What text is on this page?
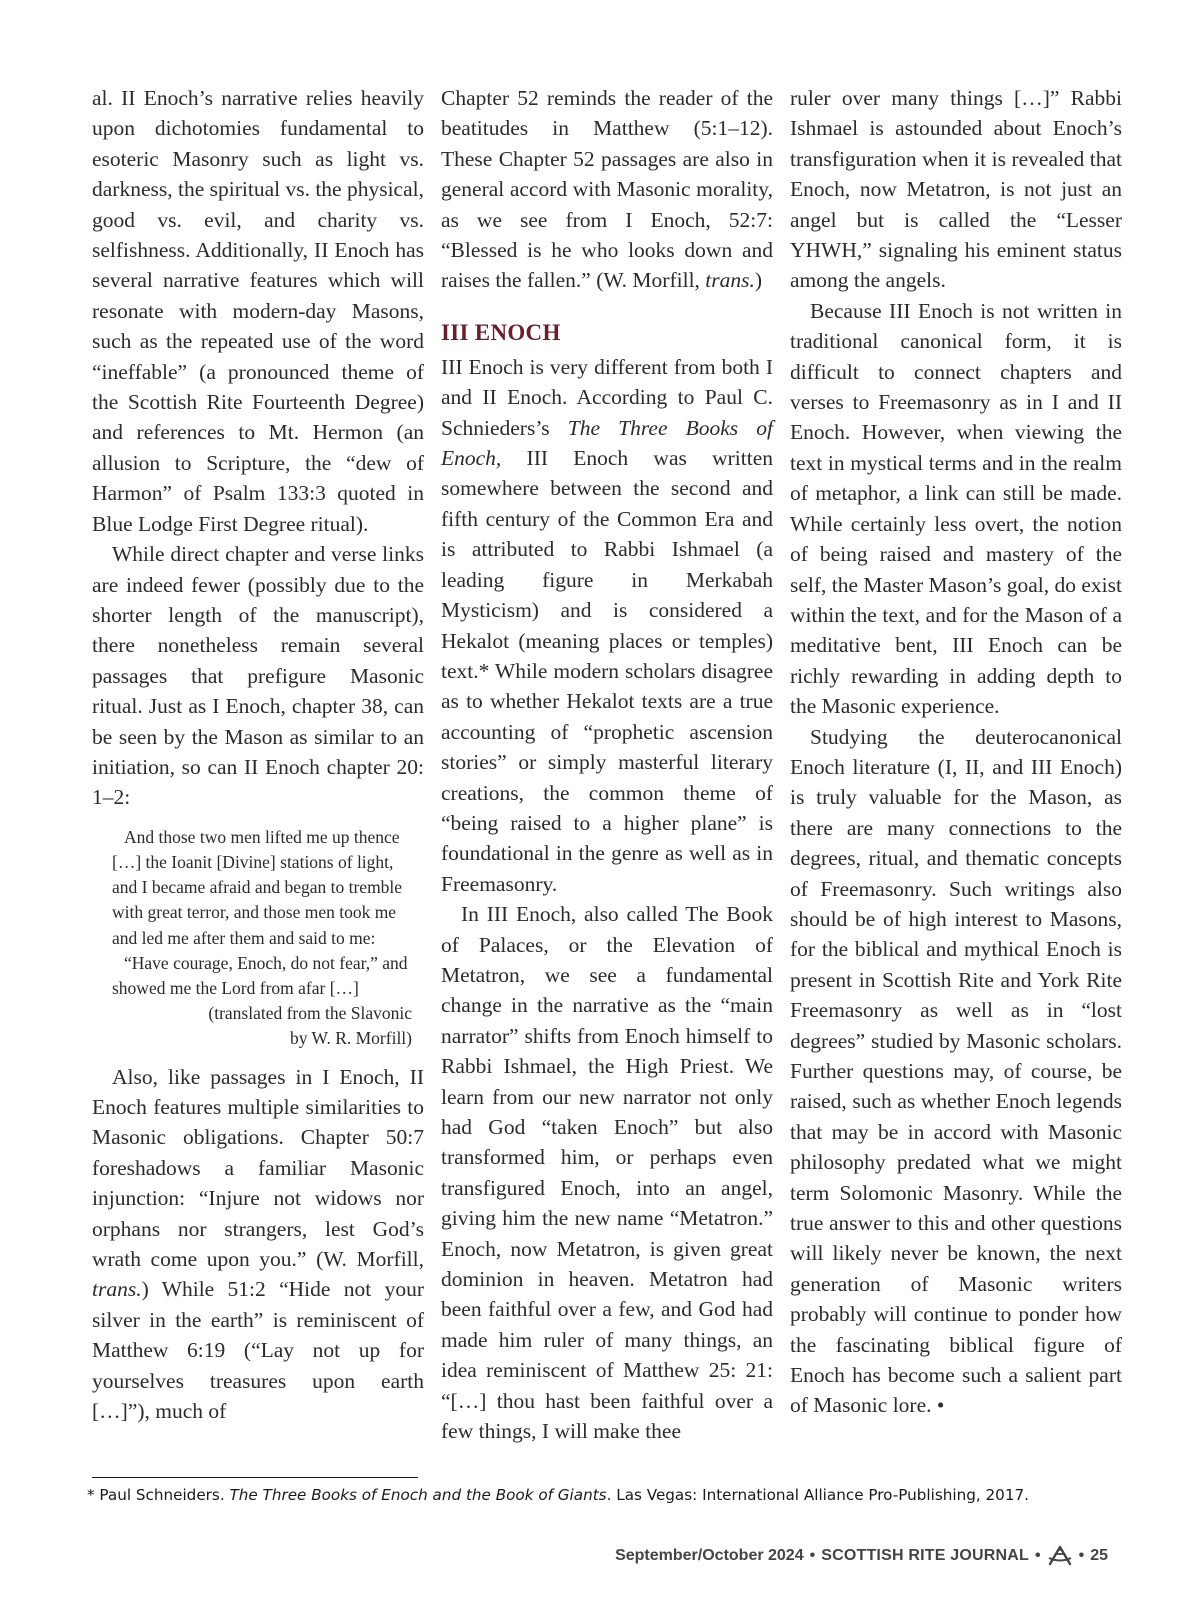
al. II Enoch’s narrative relies heavily upon dichotomies fundamental to esoteric Masonry such as light vs. darkness, the spiritual vs. the physical, good vs. evil, and charity vs. selfishness. Additionally, II Enoch has several narrative features which will resonate with modern-day Masons, such as the repeated use of the word “ineffable” (a pronounced theme of the Scottish Rite Fourteenth Degree) and references to Mt. Hermon (an allusion to Scripture, the “dew of Harmon” of Psalm 133:3 quoted in Blue Lodge First Degree ritual).

While direct chapter and verse links are indeed fewer (possibly due to the shorter length of the manuscript), there nonetheless remain several passages that prefigure Masonic ritual. Just as I Enoch, chapter 38, can be seen by the Mason as similar to an initiation, so can II Enoch chapter 20: 1–2:

And those two men lifted me up thence […] the Ioanit [Divine] stations of light, and I became afraid and began to tremble with great terror, and those men took me and led me after them and said to me:

“Have courage, Enoch, do not fear,” and showed me the Lord from afar […]

(translated from the Slavonic

by W. R. Morfill)

Also, like passages in I Enoch, II Enoch features multiple similarities to Masonic obligations. Chapter 50:7 foreshadows a familiar Masonic injunction: “Injure not widows nor orphans nor strangers, lest God’s wrath come upon you.” (W. Morfill, trans.) While 51:2 “Hide not your silver in the earth” is reminiscent of Matthew 6:19 (“Lay not up for yourselves treasures upon earth […]”), much of

Chapter 52 reminds the reader of the beatitudes in Matthew (5:1–12). These Chapter 52 passages are also in general accord with Masonic morality, as we see from I Enoch, 52:7: “Blessed is he who looks down and raises the fallen.” (W. Morfill, trans.)

III ENOCH

III Enoch is very different from both I and II Enoch. According to Paul C. Schnieders’s The Three Books of Enoch, III Enoch was written somewhere between the second and fifth century of the Common Era and is attributed to Rabbi Ishmael (a leading figure in Merkabah Mysticism) and is considered a Hekalot (meaning places or temples) text.* While modern scholars disagree as to whether Hekalot texts are a true accounting of “prophetic ascension stories” or simply masterful literary creations, the common theme of “being raised to a higher plane” is foundational in the genre as well as in Freemasonry.

In III Enoch, also called The Book of Palaces, or the Elevation of Metatron, we see a fundamental change in the narrative as the “main narrator” shifts from Enoch himself to Rabbi Ishmael, the High Priest. We learn from our new narrator not only had God “taken Enoch” but also transformed him, or perhaps even transfigured Enoch, into an angel, giving him the new name “Metatron.” Enoch, now Metatron, is given great dominion in heaven. Metatron had been faithful over a few, and God had made him ruler of many things, an idea reminiscent of Matthew 25: 21: “[…] thou hast been faithful over a few things, I will make thee

ruler over many things […]” Rabbi Ishmael is astounded about Enoch’s transfiguration when it is revealed that Enoch, now Metatron, is not just an angel but is called the “Lesser YHWH,” signaling his eminent status among the angels.

Because III Enoch is not written in traditional canonical form, it is difficult to connect chapters and verses to Freemasonry as in I and II Enoch. However, when viewing the text in mystical terms and in the realm of metaphor, a link can still be made. While certainly less overt, the notion of being raised and mastery of the self, the Master Mason’s goal, do exist within the text, and for the Mason of a meditative bent, III Enoch can be richly rewarding in adding depth to the Masonic experience.

Studying the deuterocanonical Enoch literature (I, II, and III Enoch) is truly valuable for the Mason, as there are many connections to the degrees, ritual, and thematic concepts of Freemasonry. Such writings also should be of high interest to Masons, for the biblical and mythical Enoch is present in Scottish Rite and York Rite Freemasonry as well as in “lost degrees” studied by Masonic scholars. Further questions may, of course, be raised, such as whether Enoch legends that may be in accord with Masonic philosophy predated what we might term Solomonic Masonry. While the true answer to this and other questions will likely never be known, the next generation of Masonic writers probably will continue to ponder how the fascinating biblical figure of Enoch has become such a salient part of Masonic lore. •

* Paul Schneiders. The Three Books of Enoch and the Book of Giants. Las Vegas: International Alliance Pro-Publishing, 2017.
September/October 2024 • SCOTTISH RITE JOURNAL • • 25
